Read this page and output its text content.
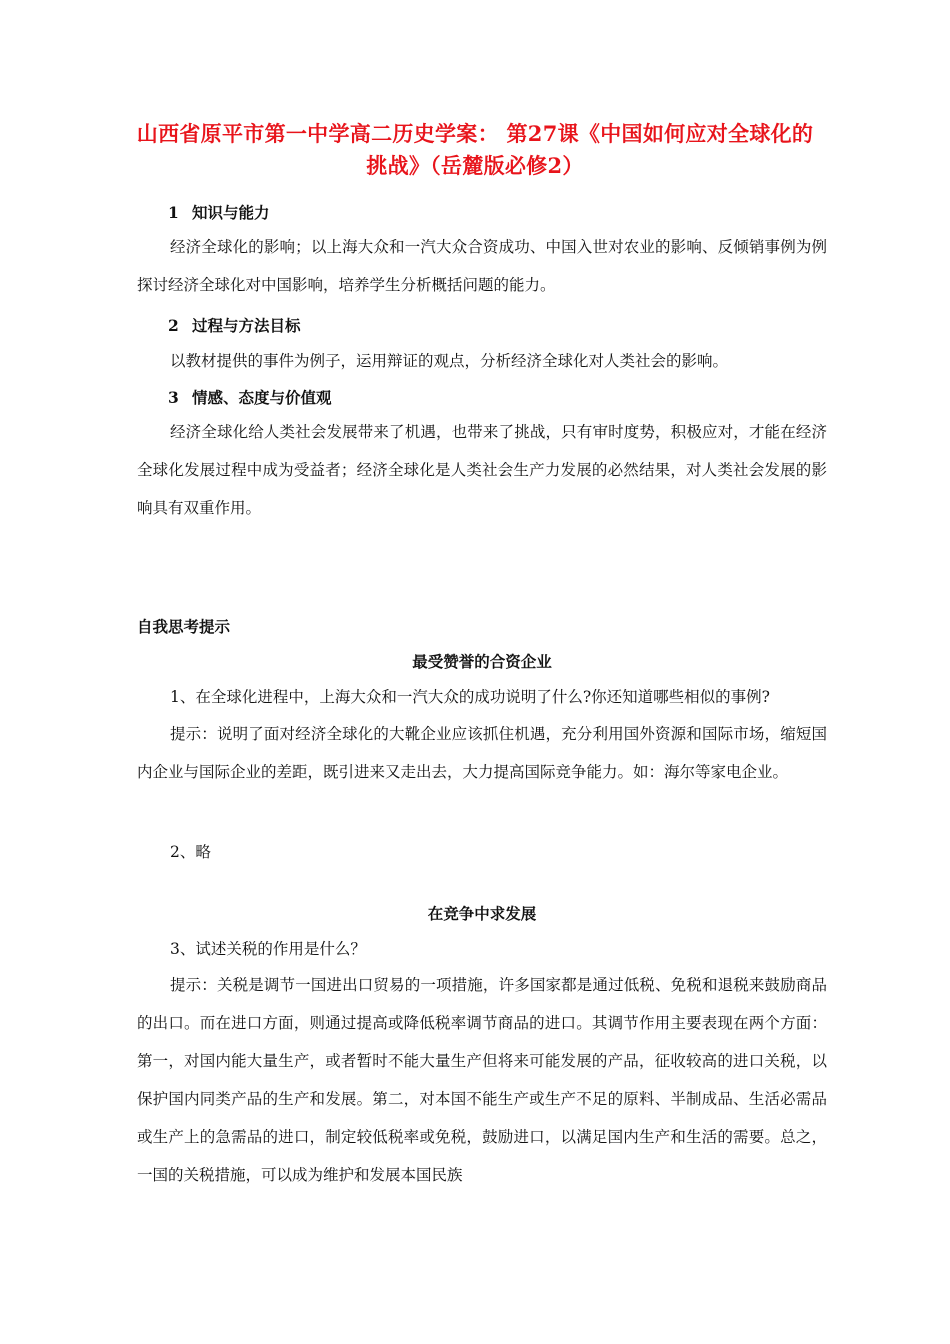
山西省原平市第一中学高二历史学案： 第27课《中国如何应对全球化的挑战》（岳麓版必修2）
1 知识与能力
经济全球化的影响；以上海大众和一汽大众合资成功、中国入世对农业的影响、反倾销事例为例探讨经济全球化对中国影响，培养学生分析概括问题的能力。
2 过程与方法目标
以教材提供的事件为例子，运用辩证的观点，分析经济全球化对人类社会的影响。
3 情感、态度与价值观
经济全球化给人类社会发展带来了机遇，也带来了挑战，只有审时度势，积极应对，才能在经济全球化发展过程中成为受益者；经济全球化是人类社会生产力发展的必然结果，对人类社会发展的影响具有双重作用。
自我思考提示
最受赞誉的合资企业
1、在全球化进程中，上海大众和一汽大众的成功说明了什么?你还知道哪些相似的事例?
提示：说明了面对经济全球化的大靴企业应该抓住机遇，充分利用国外资源和国际市场，缩短国内企业与国际企业的差距，既引进来又走出去，大力提高国际竞争能力。如：海尔等家电企业。
2、略
在竞争中求发展
3、试述关税的作用是什么？
提示：关税是调节一国进出口贸易的一项措施，许多国家都是通过低税、免税和退税来鼓励商品的出口。而在进口方面，则通过提高或降低税率调节商品的进口。其调节作用主要表现在两个方面：第一，对国内能大量生产，或者暂时不能大量生产但将来可能发展的产品，征收较高的进口关税，以保护国内同类产品的生产和发展。第二，对本国不能生产或生产不足的原料、半制成品、生活必需品或生产上的急需品的进口，制定较低税率或免税，鼓励进口，以满足国内生产和生活的需要。总之，一国的关税措施，可以成为维护和发展本国民族
